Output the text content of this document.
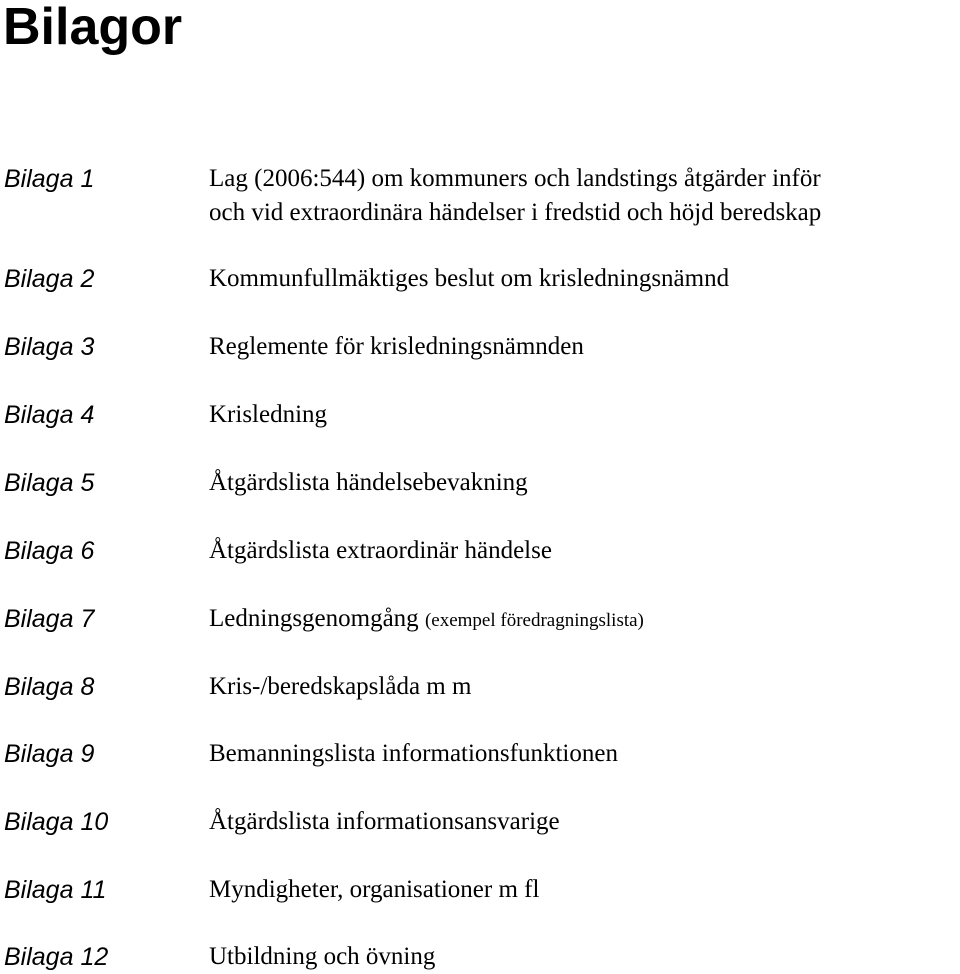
Bilagor
Bilaga 1	Lag (2006:544) om kommuners och landstings åtgärder inför
och vid extraordinära händelser i fredstid och höjd beredskap
Bilaga 2	Kommunfullmäktiges beslut om krisledningsnämnd
Bilaga 3	Reglemente för krisledningsnämnden
Bilaga 4	Krisledning
Bilaga 5	Åtgärdslista händelsebevakning
Bilaga 6	Åtgärdslista extraordinär händelse
Bilaga 7	Ledningsgenomgång (exempel föredragningslista)
Bilaga 8	Kris-/beredskapslåda m m
Bilaga 9	Bemanningslista informationsfunktionen
Bilaga 10	Åtgärdslista informationsansvarige
Bilaga 11	Myndigheter, organisationer m fl
Bilaga 12	Utbildning och övning
